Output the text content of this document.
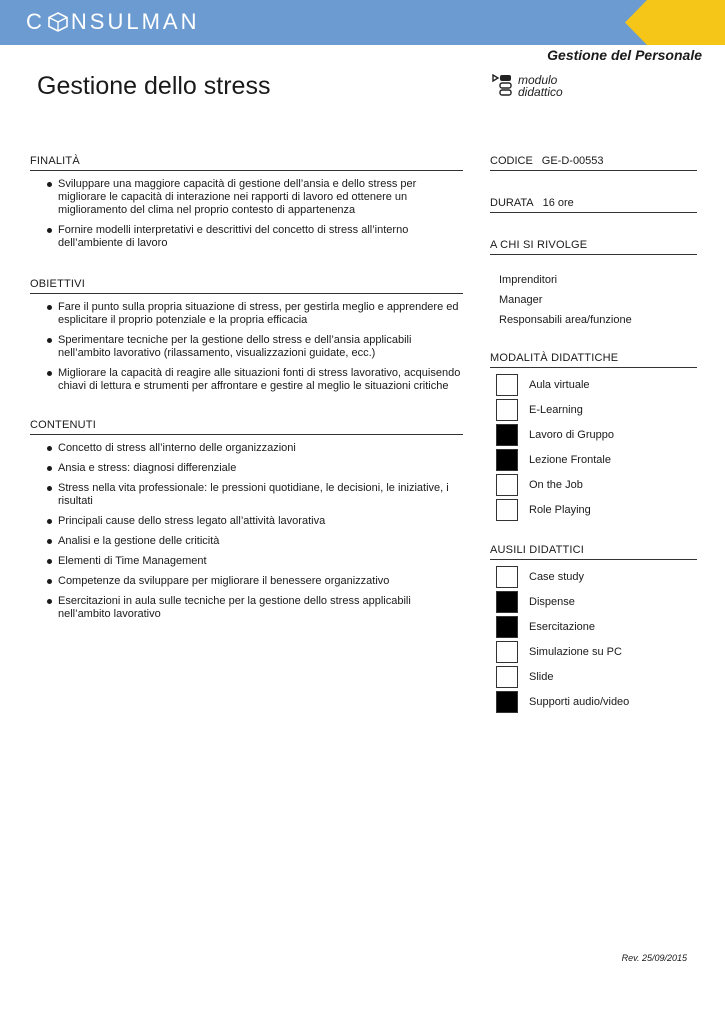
C NSULMAN
Gestione del Personale
Gestione dello stress	modulo
didattico
FINALITÀ
Sviluppare una maggiore capacità di gestione dell’ansia e dello stress per migliorare le capacità di interazione nei rapporti di lavoro ed ottenere un miglioramento del clima nel proprio contesto di appartenenza
Fornire modelli interpretativi e descrittivi del concetto di stress all’interno dell’ambiente di lavoro
OBIETTIVI
Fare il punto sulla propria situazione di stress, per gestirla meglio e apprendere ed esplicitare il proprio potenziale e la propria efficacia
Sperimentare tecniche per la gestione dello stress e dell’ansia applicabili nell’ambito lavorativo (rilassamento, visualizzazioni guidate, ecc.)
Migliorare la capacità di reagire alle situazioni fonti di stress lavorativo, acquisendo chiavi di lettura e strumenti per affrontare e gestire al meglio le situazioni critiche
CONTENUTI
Concetto di stress all’interno delle organizzazioni
Ansia e stress: diagnosi differenziale
Stress nella vita professionale: le pressioni quotidiane, le decisioni, le iniziative, i risultati
Principali cause dello stress legato all’attività lavorativa
Analisi e la gestione delle criticità
Elementi di Time Management
Competenze da sviluppare per migliorare il benessere organizzativo
Esercitazioni in aula sulle tecniche per la gestione dello stress applicabili nell’ambito lavorativo
CODICE GE-D-00553
DURATA 16 ore
A CHI SI RIVOLGE
Imprenditori
Manager
Responsabili area/funzione
MODALITÀ DIDATTICHE
Aula virtuale
E-Learning
Lavoro di Gruppo
Lezione Frontale
On the Job
Role Playing
AUSILI DIDATTICI
Case study
Dispense
Esercitazione
Simulazione su PC
Slide
Supporti audio/video
Rev. 25/09/2015
